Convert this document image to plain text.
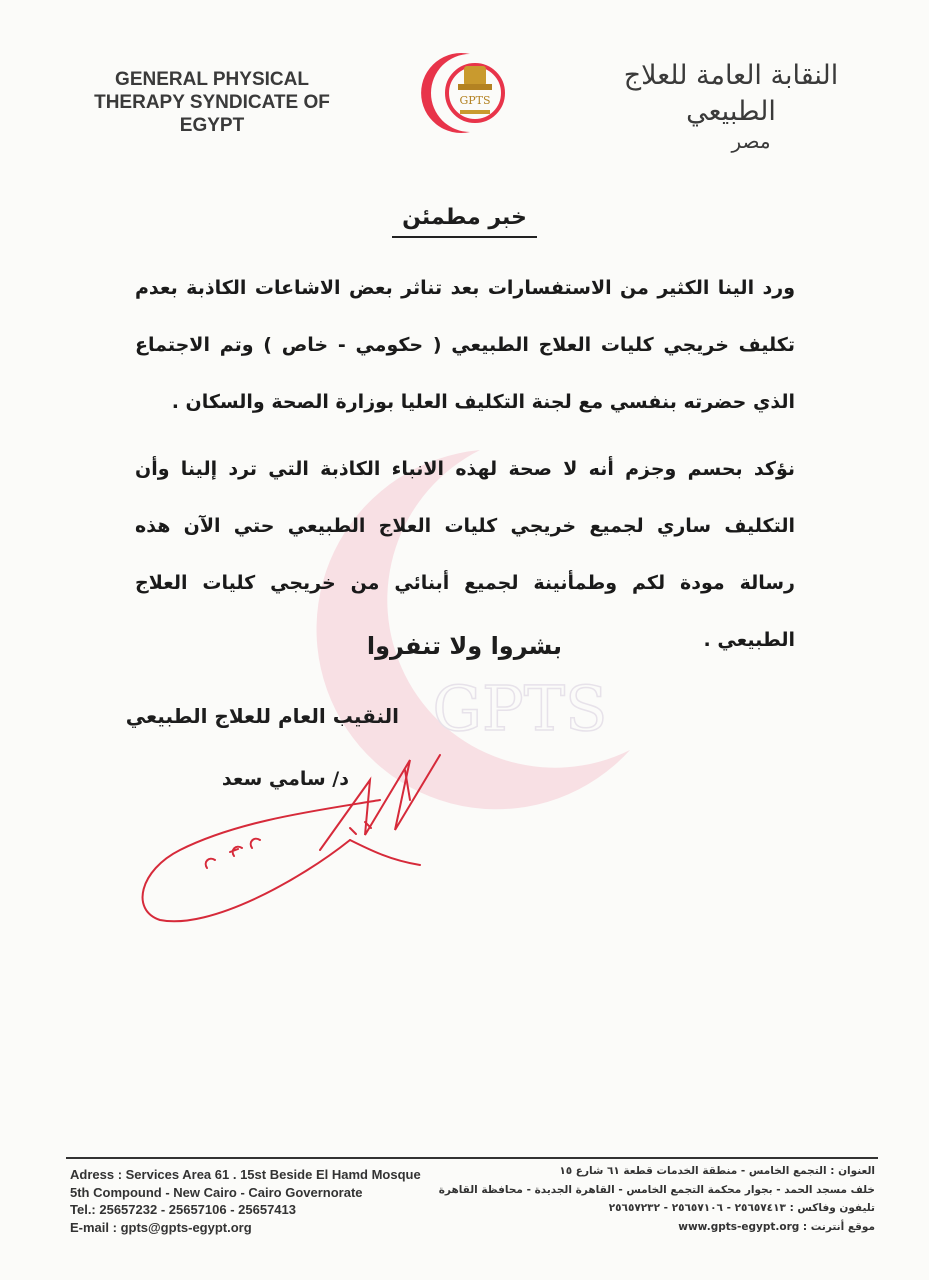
GENERAL PHYSICAL
THERAPY SYNDICATE OF
EGYPT
GPTS
النقابة العامة للعلاج الطبيعي
مصر
GPTS
خبر مطمئن
ورد الينا الكثير من الاستفسارات بعد تناثر بعض الاشاعات الكاذبة بعدم تكليف خريجي كليات العلاج الطبيعي ( حكومي - خاص ) وتم الاجتماع الذي حضرته بنفسي مع لجنة التكليف العليا بوزارة الصحة والسكان .
نؤكد بحسم وجزم أنه لا صحة لهذه الانباء الكاذبة التي ترد إلينا وأن التكليف ساري لجميع خريجي كليات العلاج الطبيعي حتي الآن هذه رسالة مودة لكم وطمأنينة لجميع أبنائي من خريجي كليات العلاج الطبيعي .
بشروا ولا تنفروا
النقيب العام للعلاج الطبيعي
د/ سامي سعد
Adress : Services Area 61 . 15st Beside El Hamd Mosque
5th Compound - New Cairo - Cairo Governorate
Tel.: 25657232 - 25657106 - 25657413
E-mail : gpts@gpts-egypt.org
العنوان : التجمع الخامس - منطقة الخدمات قطعة ٦١ شارع ١٥
خلف مسجد الحمد - بجوار محكمة التجمع الخامس - القاهرة الجديدة - محافظة القاهرة
تليفون وفاكس : ٢٥٦٥٧٤١٣ - ٢٥٦٥٧١٠٦ - ٢٥٦٥٧٢٣٢
موقع أنترنت : www.gpts-egypt.org
